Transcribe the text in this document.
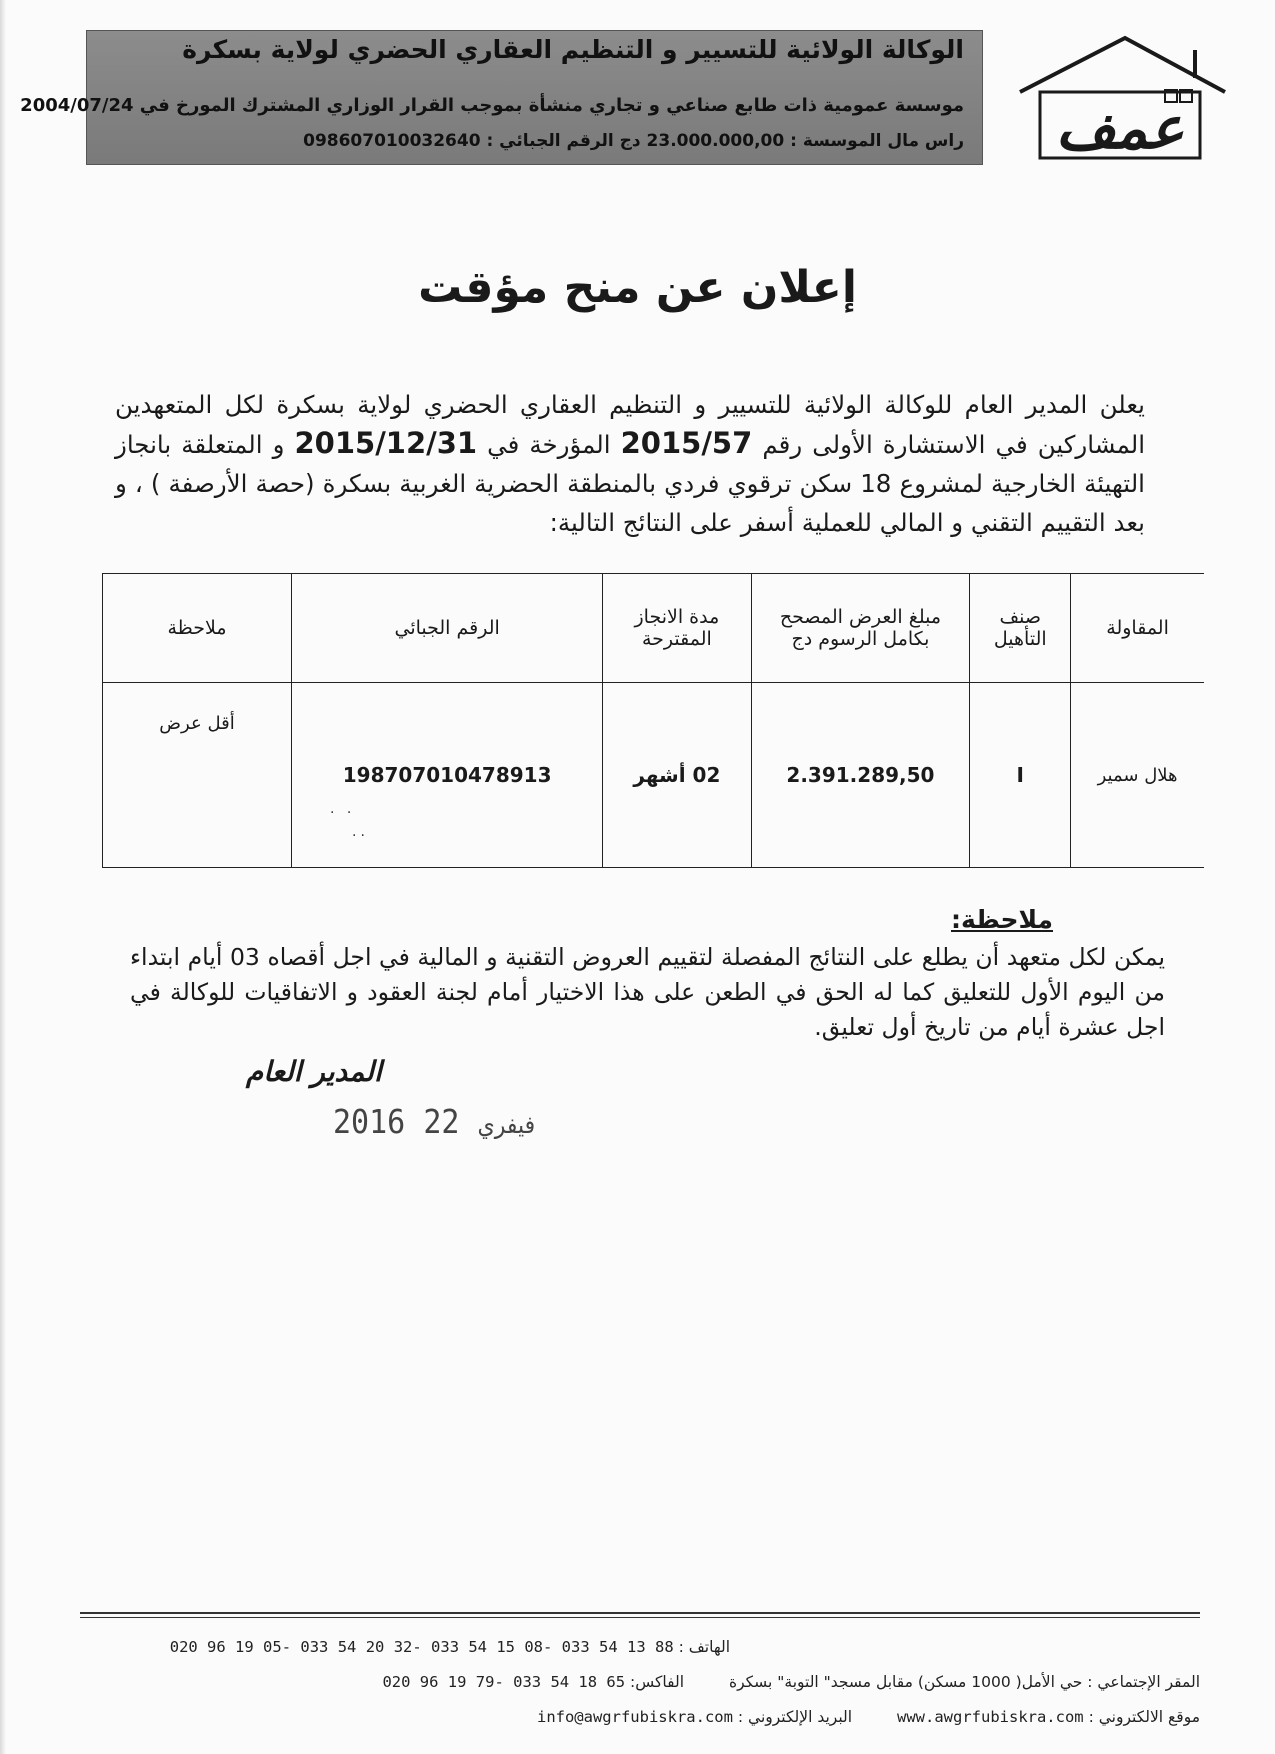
الوكالة الولائية للتسيير و التنظيم العقاري الحضري لولاية بسكرة
موسسة عمومية ذات طابع صناعي و تجاري منشأة بموجب القرار الوزاري المشترك المورخ في 2004/07/24
راس مال الموسسة : 23.000.000,00 دج الرقم الجبائي : 098607010032640 عمف
إعلان عن منح مؤقت
يعلن المدير العام للوكالة الولائية للتسيير و التنظيم العقاري الحضري لولاية بسكرة لكل المتعهدين المشاركين في الاستشارة الأولى رقم 2015/57 المؤرخة في 2015/12/31 و المتعلقة بانجاز التهيئة الخارجية لمشروع 18 سكن ترقوي فردي بالمنطقة الحضرية الغربية بسكرة (حصة الأرصفة ) ، و بعد التقييم التقني و المالي للعملية أسفر على النتائج التالية:
المقاولة	صنف التأهيل	مبلغ العرض المصحح بكامل الرسوم دج	مدة الانجاز المقترحة	الرقم الجبائي	ملاحظة
هلال سمير	I	2.391.289,50	02 أشهر	198707010478913	أقل عرض
· ·
··
ملاحظة:
يمكن لكل متعهد أن يطلع على النتائج المفصلة لتقييم العروض التقنية و المالية في اجل أقصاه 03 أيام ابتداء من اليوم الأول للتعليق كما له الحق في الطعن على هذا الاختيار أمام لجنة العقود و الاتفاقيات للوكالة في اجل عشرة أيام من تاريخ أول تعليق.
المدير العام
2016	فيفري 22
الهاتف : 020 96 19 05- 033 54 20 32- 033 54 15 08- 033 54 13 88
المقر الإجتماعي : حي الأمل( 1000 مسكن) مقابل مسجد" التوبة" بسكرة الفاكس: 020 96 19 79- 033 54 18 65
موقع الالكتروني : www.awgrfubiskra.com البريد الإلكتروني : info@awgrfubiskra.com
